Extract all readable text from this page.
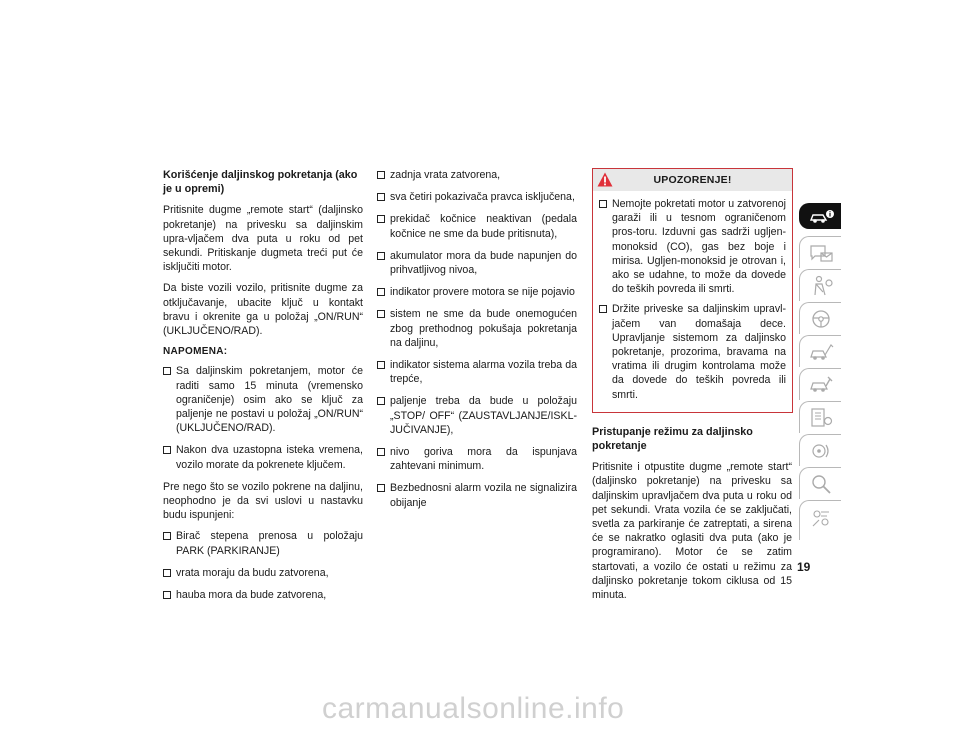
Korišćenje daljinskog pokretanja (ako je u opremi)

Pritisnite dugme „remote start“ (daljinsko pokretanje) na privesku sa daljinskim upra-vljačem dva puta u roku od pet sekundi. Pritiskanje dugmeta treći put će isključiti motor.

Da biste vozili vozilo, pritisnite dugme za otključavanje, ubacite ključ u kontakt bravu i okrenite ga u položaj „ON/RUN“ (UKLJUČENO/RAD).

NAPOMENA:
Sa daljinskim pokretanjem, motor će raditi samo 15 minuta (vremensko ograničenje) osim ako se ključ za paljenje ne postavi u položaj „ON/RUN“ (UKLJUČENO/RAD).
Nakon dva uzastopna isteka vremena, vozilo morate da pokrenete ključem.

Pre nego što se vozilo pokrene na daljinu, neophodno je da svi uslovi u nastavku budu ispunjeni:

Birač stepena prenosa u položaju PARK (PARKIRANJE)
vrata moraju da budu zatvorena,
hauba mora da bude zatvorena,
zadnja vrata zatvorena,
sva četiri pokazivača pravca isključena,
prekidač kočnice neaktivan (pedala kočnice ne sme da bude pritisnuta),
akumulator mora da bude napunjen do prihvatljivog nivoa,
indikator provere motora se nije pojavio
sistem ne sme da bude onemogućen zbog prethodnog pokušaja pokretanja na daljinu,
indikator sistema alarma vozila treba da trepće,
paljenje treba da bude u položaju „STOP/ OFF“ (ZAUSTAVLJANJE/ISKL-JUČIVANJE),
nivo goriva mora da ispunjava zahtevani minimum.
Bezbednosni alarm vozila ne signalizira obijanje
UPOZORENJE!
Nemojte pokretati motor u zatvorenoj garaži ili u tesnom ograničenom pros-toru. Izduvni gas sadrži ugljen-monoksid (CO), gas bez boje i mirisa. Ugljen-monoksid je otrovan i, ako se udahne, to može da dovede do teških povreda ili smrti.
Držite priveske sa daljinskim upravl-jačem van domašaja dece. Upravljanje sistemom za daljinsko pokretanje, prozorima, bravama na vratima ili drugim kontrolama može da dovede do teških povreda ili smrti.
Pristupanje režimu za daljinsko pokretanje

Pritisnite i otpustite dugme „remote start“ (daljinsko pokretanje) na privesku sa daljinskim upravljačem dva puta u roku od pet sekundi. Vrata vozila će se zaključati, svetla za parkiranje će zatreptati, a sirena će se nakratko oglasiti dva puta (ako je programirano). Motor će se zatim startovati, a vozilo će ostati u režimu za daljinsko pokretanje tokom ciklusa od 15 minuta.

19
carmanualsonline.info
